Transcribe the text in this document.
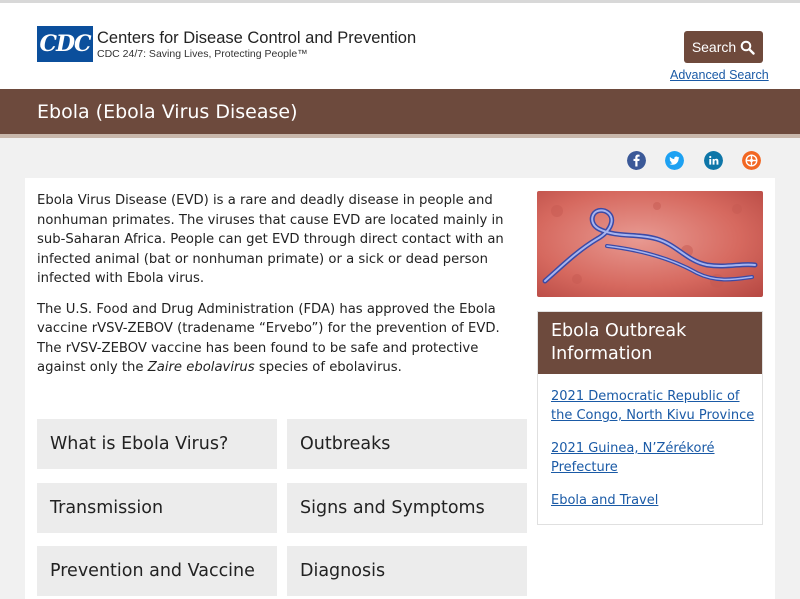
CDC Centers for Disease Control and Prevention
CDC 24/7: Saving Lives, Protecting People™	Search
Advanced Search
Ebola (Ebola Virus Disease)

Ebola Virus Disease (EVD) is a rare and deadly disease in people and nonhuman primates. The viruses that cause EVD are located mainly in sub-Saharan Africa. People can get EVD through direct contact with an infected animal (bat or nonhuman primate) or a sick or dead person infected with Ebola virus.

The U.S. Food and Drug Administration (FDA) has approved the Ebola vaccine rVSV-ZEBOV (tradename “Ervebo”) for the prevention of EVD. The rVSV-ZEBOV vaccine has been found to be safe and protective against only the Zaire ebolavirus species of ebolavirus.

What is Ebola Virus?	Outbreaks
Transmission	Signs and Symptoms
Prevention and Vaccine	Diagnosis
Ebola Outbreak Information
2021 Democratic Republic of the Congo, North Kivu Province
2021 Guinea, N’Zérékoré Prefecture
Ebola and Travel
